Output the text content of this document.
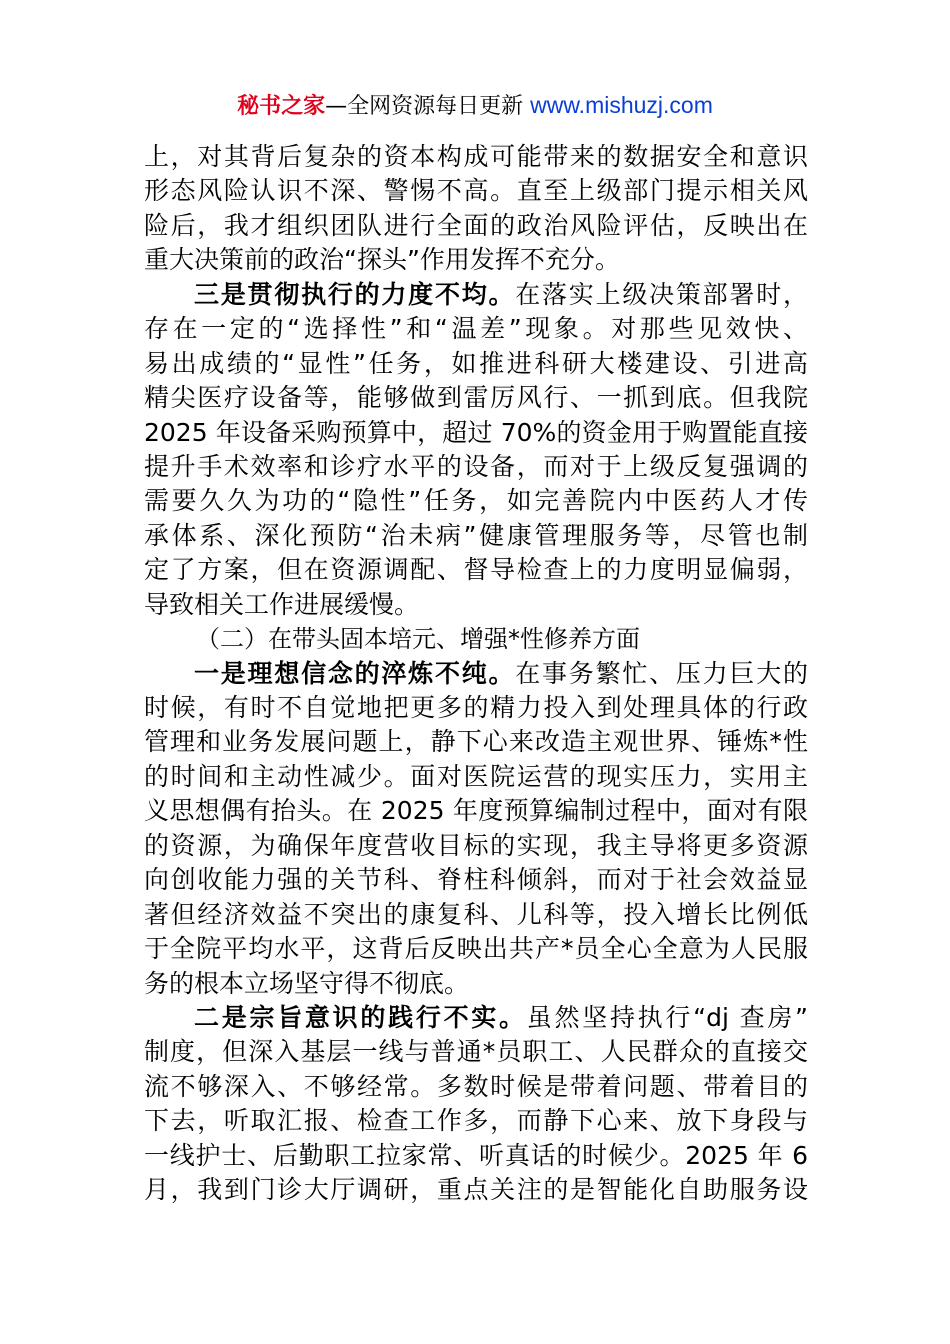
秘书之家—全网资源每日更新 www.mishuzj.com
上，对其背后复杂的资本构成可能带来的数据安全和意识
形态风险认识不深、警惕不高。直至上级部门提示相关风
险后，我才组织团队进行全面的政治风险评估，反映出在
重大决策前的政治“探头”作用发挥不充分。
三是贯彻执行的力度不均。在落实上级决策部署时，
存在一定的“选择性”和“温差”现象。对那些见效快、
易出成绩的“显性”任务，如推进科研大楼建设、引进高
精尖医疗设备等，能够做到雷厉风行、一抓到底。但我院
2025 年设备采购预算中，超过 70%的资金用于购置能直接
提升手术效率和诊疗水平的设备，而对于上级反复强调的
需要久久为功的“隐性”任务，如完善院内中医药人才传
承体系、深化预防“治未病”健康管理服务等，尽管也制
定了方案，但在资源调配、督导检查上的力度明显偏弱，
导致相关工作进展缓慢。
（二）在带头固本培元、增强*性修养方面
一是理想信念的淬炼不纯。在事务繁忙、压力巨大的
时候，有时不自觉地把更多的精力投入到处理具体的行政
管理和业务发展问题上，静下心来改造主观世界、锤炼*性
的时间和主动性减少。面对医院运营的现实压力，实用主
义思想偶有抬头。在 2025 年度预算编制过程中，面对有限
的资源，为确保年度营收目标的实现，我主导将更多资源
向创收能力强的关节科、脊柱科倾斜，而对于社会效益显
著但经济效益不突出的康复科、儿科等，投入增长比例低
于全院平均水平，这背后反映出共产*员全心全意为人民服
务的根本立场坚守得不彻底。
二是宗旨意识的践行不实。虽然坚持执行“dj 查房”
制度，但深入基层一线与普通*员职工、人民群众的直接交
流不够深入、不够经常。多数时候是带着问题、带着目的
下去，听取汇报、检查工作多，而静下心来、放下身段与
一线护士、后勤职工拉家常、听真话的时候少。2025 年 6
月，我到门诊大厅调研，重点关注的是智能化自助服务设
